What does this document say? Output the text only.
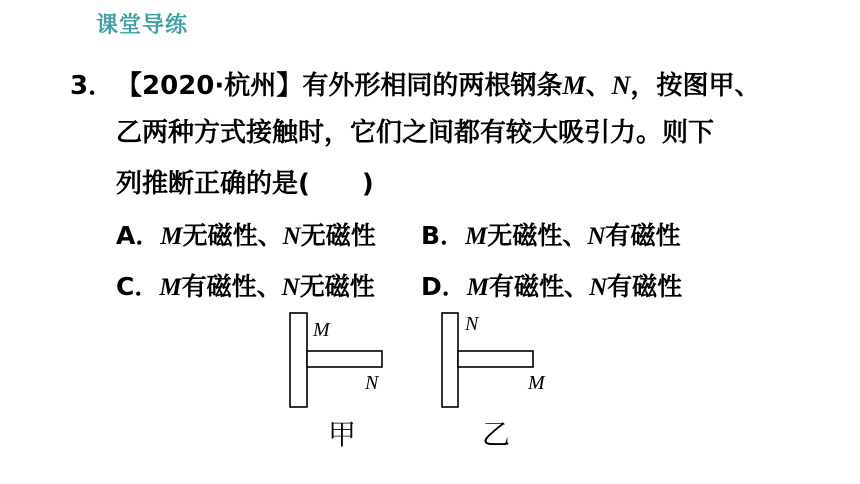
课堂导练
3．【2020·杭州】有外形相同的两根钢条M、N，按图甲、
乙两种方式接触时，它们之间都有较大吸引力。则下
列推断正确的是( )
A．M无磁性、N无磁性 B．M无磁性、N有磁性
C．M有磁性、N无磁性 D．M有磁性、N有磁性
M
N
甲
N
M
乙
